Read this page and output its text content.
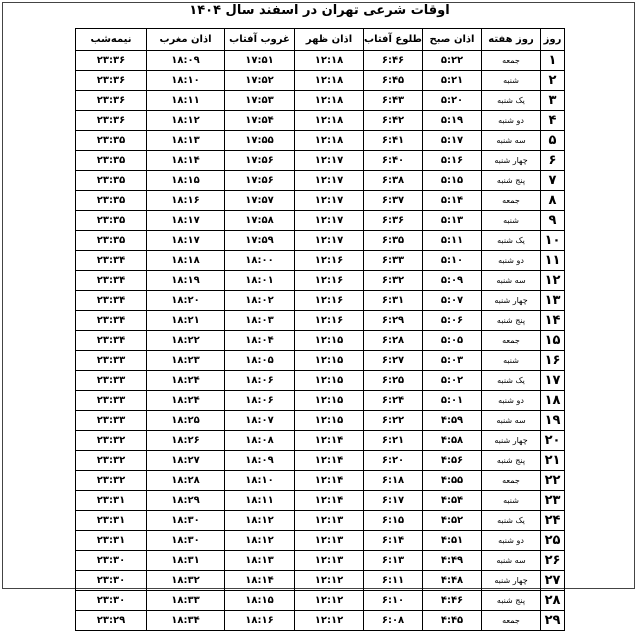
اوقات شرعی تهران در اسفند سال ۱۴۰۴
روز	روز هفته	اذان صبح	طلوع آفتاب	اذان ظهر	غروب آفتاب	اذان مغرب	نیمه‌شب
۱	جمعه	۵:۲۲	۶:۴۶	۱۲:۱۸	۱۷:۵۱	۱۸:۰۹	۲۳:۳۶
۲	شنبه	۵:۲۱	۶:۴۵	۱۲:۱۸	۱۷:۵۲	۱۸:۱۰	۲۳:۳۶
۳	یک شنبه	۵:۲۰	۶:۴۳	۱۲:۱۸	۱۷:۵۳	۱۸:۱۱	۲۳:۳۶
۴	دو شنبه	۵:۱۹	۶:۴۲	۱۲:۱۸	۱۷:۵۴	۱۸:۱۲	۲۳:۳۶
۵	سه شنبه	۵:۱۷	۶:۴۱	۱۲:۱۸	۱۷:۵۵	۱۸:۱۳	۲۳:۳۵
۶	چهار شنبه	۵:۱۶	۶:۴۰	۱۲:۱۷	۱۷:۵۶	۱۸:۱۴	۲۳:۳۵
۷	پنج شنبه	۵:۱۵	۶:۳۸	۱۲:۱۷	۱۷:۵۶	۱۸:۱۵	۲۳:۳۵
۸	جمعه	۵:۱۴	۶:۳۷	۱۲:۱۷	۱۷:۵۷	۱۸:۱۶	۲۳:۳۵
۹	شنبه	۵:۱۳	۶:۳۶	۱۲:۱۷	۱۷:۵۸	۱۸:۱۷	۲۳:۳۵
۱۰	یک شنبه	۵:۱۱	۶:۳۵	۱۲:۱۷	۱۷:۵۹	۱۸:۱۷	۲۳:۳۵
۱۱	دو شنبه	۵:۱۰	۶:۳۳	۱۲:۱۶	۱۸:۰۰	۱۸:۱۸	۲۳:۳۴
۱۲	سه شنبه	۵:۰۹	۶:۳۲	۱۲:۱۶	۱۸:۰۱	۱۸:۱۹	۲۳:۳۴
۱۳	چهار شنبه	۵:۰۷	۶:۳۱	۱۲:۱۶	۱۸:۰۲	۱۸:۲۰	۲۳:۳۴
۱۴	پنج شنبه	۵:۰۶	۶:۲۹	۱۲:۱۶	۱۸:۰۳	۱۸:۲۱	۲۳:۳۴
۱۵	جمعه	۵:۰۵	۶:۲۸	۱۲:۱۵	۱۸:۰۴	۱۸:۲۲	۲۳:۳۴
۱۶	شنبه	۵:۰۳	۶:۲۷	۱۲:۱۵	۱۸:۰۵	۱۸:۲۳	۲۳:۳۳
۱۷	یک شنبه	۵:۰۲	۶:۲۵	۱۲:۱۵	۱۸:۰۶	۱۸:۲۴	۲۳:۳۳
۱۸	دو شنبه	۵:۰۱	۶:۲۴	۱۲:۱۵	۱۸:۰۶	۱۸:۲۴	۲۳:۳۳
۱۹	سه شنبه	۴:۵۹	۶:۲۲	۱۲:۱۵	۱۸:۰۷	۱۸:۲۵	۲۳:۳۳
۲۰	چهار شنبه	۴:۵۸	۶:۲۱	۱۲:۱۴	۱۸:۰۸	۱۸:۲۶	۲۳:۳۲
۲۱	پنج شنبه	۴:۵۶	۶:۲۰	۱۲:۱۴	۱۸:۰۹	۱۸:۲۷	۲۳:۳۲
۲۲	جمعه	۴:۵۵	۶:۱۸	۱۲:۱۴	۱۸:۱۰	۱۸:۲۸	۲۳:۳۲
۲۳	شنبه	۴:۵۴	۶:۱۷	۱۲:۱۴	۱۸:۱۱	۱۸:۲۹	۲۳:۳۱
۲۴	یک شنبه	۴:۵۲	۶:۱۵	۱۲:۱۳	۱۸:۱۲	۱۸:۳۰	۲۳:۳۱
۲۵	دو شنبه	۴:۵۱	۶:۱۴	۱۲:۱۳	۱۸:۱۲	۱۸:۳۰	۲۳:۳۱
۲۶	سه شنبه	۴:۴۹	۶:۱۳	۱۲:۱۳	۱۸:۱۳	۱۸:۳۱	۲۳:۳۰
۲۷	چهار شنبه	۴:۴۸	۶:۱۱	۱۲:۱۲	۱۸:۱۴	۱۸:۳۲	۲۳:۳۰
۲۸	پنج شنبه	۴:۴۶	۶:۱۰	۱۲:۱۲	۱۸:۱۵	۱۸:۳۳	۲۳:۳۰
۲۹	جمعه	۴:۴۵	۶:۰۸	۱۲:۱۲	۱۸:۱۶	۱۸:۳۴	۲۳:۲۹
